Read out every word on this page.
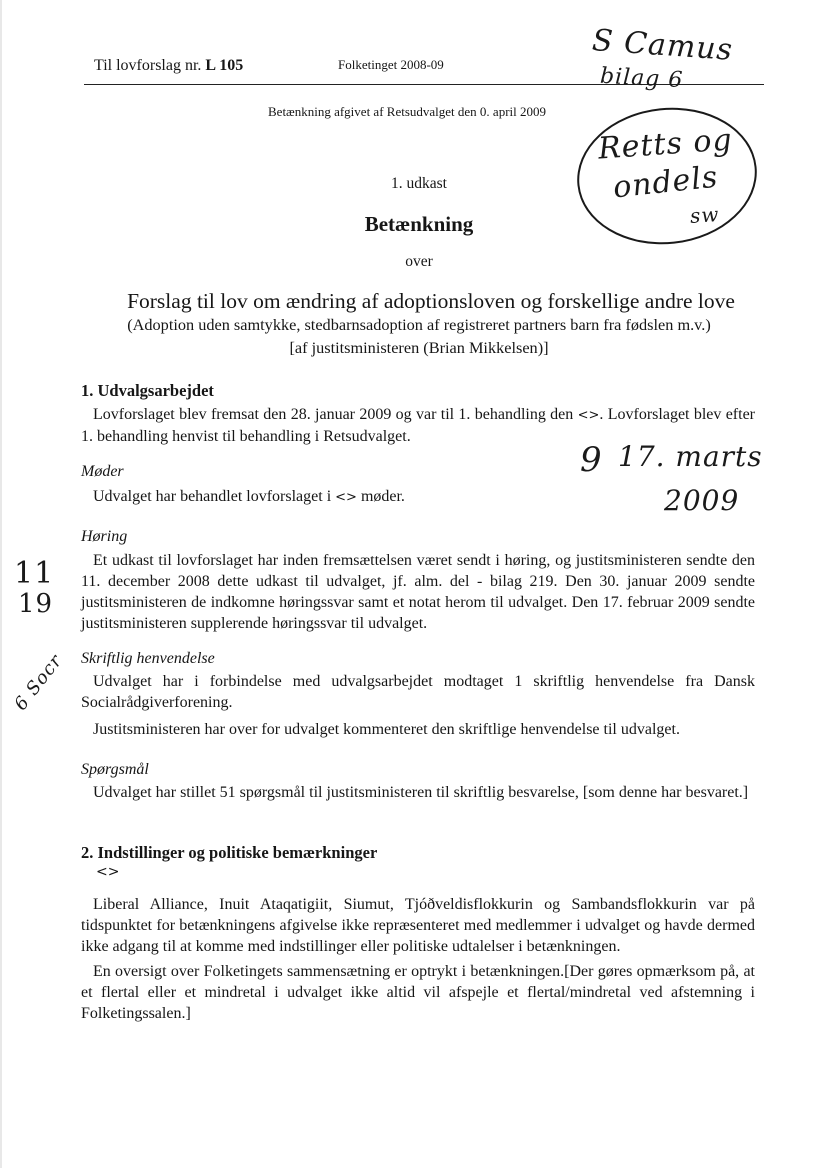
Til lovforslag nr. L 105	Folketinget 2008-09
Betænkning afgivet af Retsudvalget den 0. april 2009
1. udkast
Betænkning
over
Forslag til lov om ændring af adoptionsloven og forskellige andre love
(Adoption uden samtykke, stedbarnsadoption af registreret partners barn fra fødslen m.v.)
[af justitsministeren (Brian Mikkelsen)]
1. Udvalgsarbejdet
Lovforslaget blev fremsat den 28. januar 2009 og var til 1. behandling den <>. Lovforslaget blev efter 1. behandling henvist til behandling i Retsudvalget.
Møder
Udvalget har behandlet lovforslaget i <> møder.
Høring
Et udkast til lovforslaget har inden fremsættelsen været sendt i høring, og justitsministeren sendte den 11. december 2008 dette udkast til udvalget, jf. alm. del - bilag 219. Den 30. januar 2009 sendte justitsministeren de indkomne høringssvar samt et notat herom til udvalget. Den 17. februar 2009 sendte justitsministeren supplerende høringssvar til udvalget.
Skriftlig henvendelse
Udvalget har i forbindelse med udvalgsarbejdet modtaget 1 skriftlig henvendelse fra Dansk Socialrådgiverforening.
Justitsministeren har over for udvalget kommenteret den skriftlige henvendelse til udvalget.
Spørgsmål
Udvalget har stillet 51 spørgsmål til justitsministeren til skriftlig besvarelse, [som denne har besvaret.]
2. Indstillinger og politiske bemærkninger
<>
Liberal Alliance, Inuit Ataqatigiit, Siumut, Tjóðveldisflokkurin og Sambandsflokkurin var på tidspunktet for betænkningens afgivelse ikke repræsenteret med medlemmer i udvalget og havde dermed ikke adgang til at komme med indstillinger eller politiske udtalelser i betænkningen.
En oversigt over Folketingets sammensætning er optrykt i betænkningen.[Der gøres opmærksom på, at et flertal eller et mindretal i udvalget ikke altid vil afspejle et flertal/mindretal ved afstemning i Folketingssalen.]
S Camus
bilag 6
Retts og
ondels
sw
9 17. marts
2009
11
19
6 Socr
